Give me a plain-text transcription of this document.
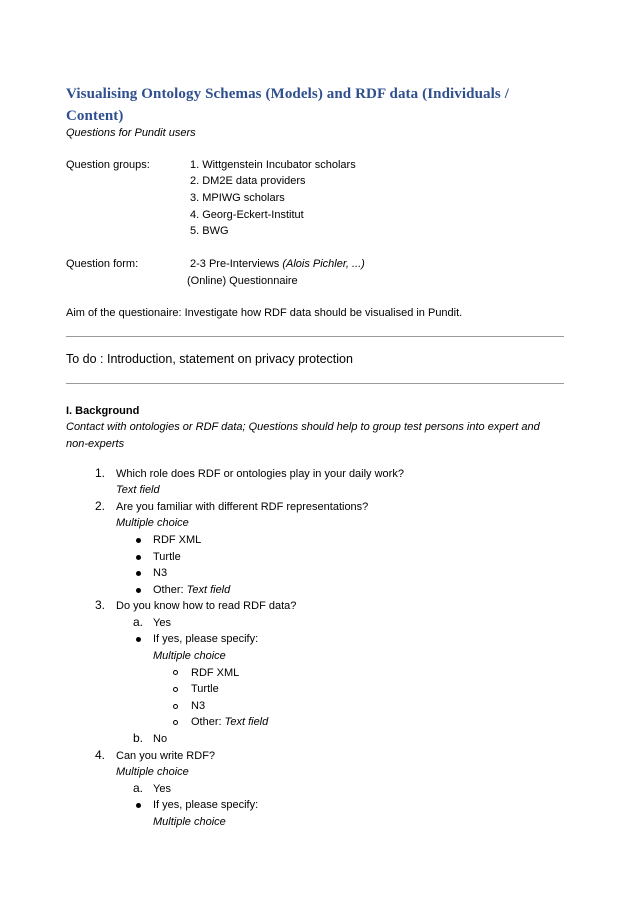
Visualising Ontology Schemas (Models) and RDF data (Individuals /
Content)
Questions for Pundit users
Question groups:	1. Wittgenstein Incubator scholars
2. DM2E data providers
3. MPIWG scholars
4. Georg-Eckert-Institut
5. BWG
Question form:	2-3 Pre-Interviews (Alois Pichler, ...)
(Online) Questionnaire
Aim of the questionaire: Investigate how RDF data should be visualised in Pundit.
To do : Introduction, statement on privacy protection
I. Background
Contact with ontologies or RDF data; Questions should help to group test persons into expert and
non-experts
1. Which role does RDF or ontologies play in your daily work?
Text field
2. Are you familiar with different RDF representations?
Multiple choice
RDF XML
Turtle
N3
Other: Text field
3. Do you know how to read RDF data?
a. Yes
If yes, please specify:
Multiple choice
RDF XML
Turtle
N3
Other: Text field
b. No
4. Can you write RDF?
Multiple choice
a. Yes
If yes, please specify:
Multiple choice
